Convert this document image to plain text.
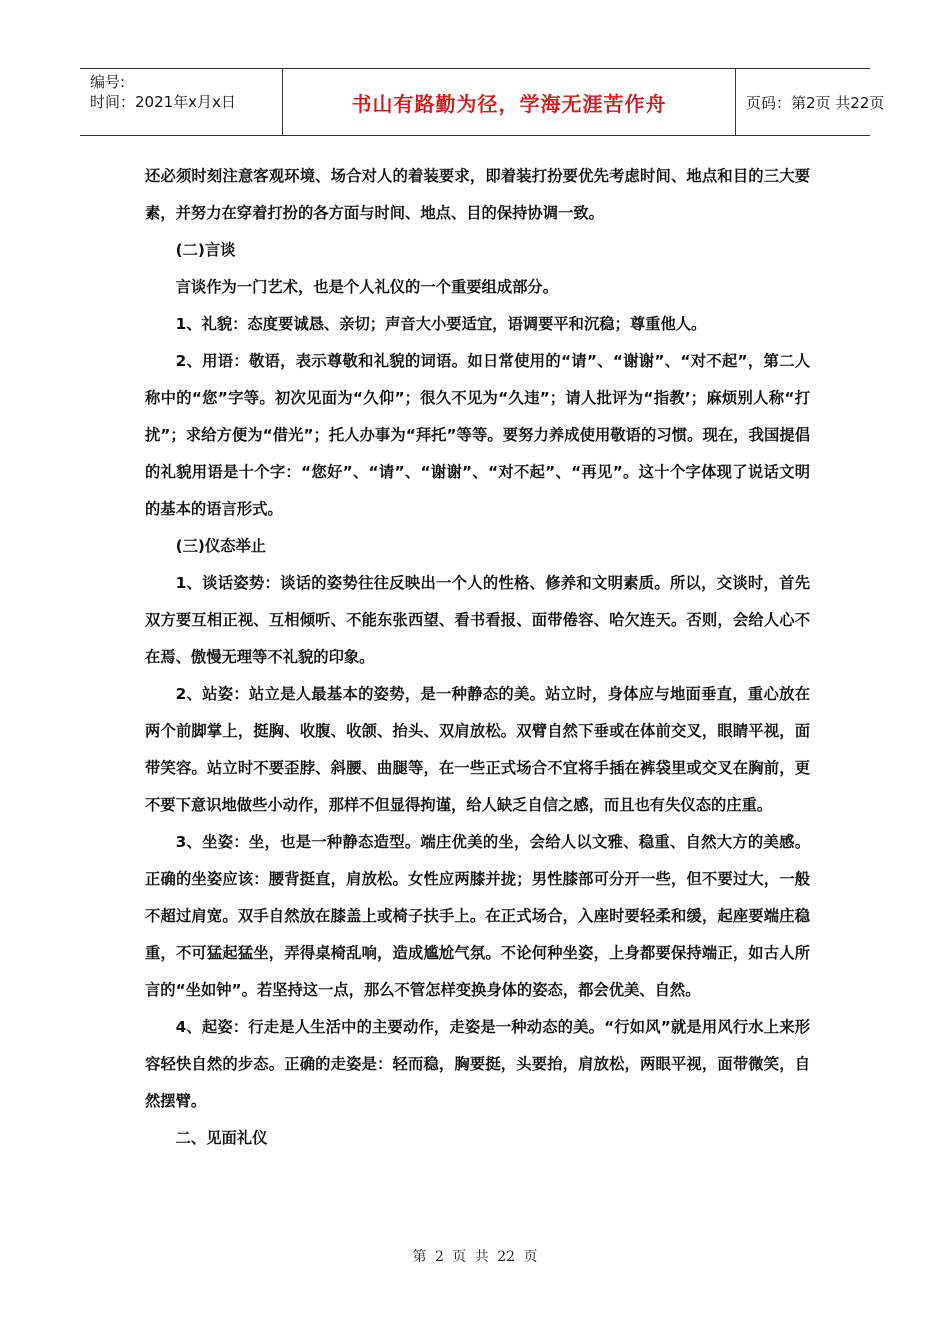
编号:
时间：2021年x月x日	书山有路勤为径，学海无涯苦作舟	页码：第2页 共22页

还必须时刻注意客观环境、场合对人的着装要求，即着装打扮要优先考虑时间、地点和目的三大要素，并努力在穿着打扮的各方面与时间、地点、目的保持协调一致。

(二)言谈

言谈作为一门艺术，也是个人礼仪的一个重要组成部分。

1、礼貌：态度要诚恳、亲切；声音大小要适宜，语调要平和沉稳；尊重他人。

2、用语：敬语，表示尊敬和礼貌的词语。如日常使用的“请”、“谢谢”、“对不起”，第二人称中的“您”字等。初次见面为“久仰”；很久不见为“久违”；请人批评为“指教’；麻烦别人称“打扰”；求给方便为“借光”；托人办事为“拜托”等等。要努力养成使用敬语的习惯。现在，我国提倡的礼貌用语是十个字：“您好”、“请”、“谢谢”、“对不起”、“再见”。这十个字体现了说话文明的基本的语言形式。

(三)仪态举止

1、谈话姿势：谈话的姿势往往反映出一个人的性格、修养和文明素质。所以，交谈时，首先双方要互相正视、互相倾听、不能东张西望、看书看报、面带倦容、哈欠连天。否则，会给人心不在焉、傲慢无理等不礼貌的印象。

2、站姿：站立是人最基本的姿势，是一种静态的美。站立时，身体应与地面垂直，重心放在两个前脚掌上，挺胸、收腹、收颌、抬头、双肩放松。双臂自然下垂或在体前交叉，眼睛平视，面带笑容。站立时不要歪脖、斜腰、曲腿等，在一些正式场合不宜将手插在裤袋里或交叉在胸前，更不要下意识地做些小动作，那样不但显得拘谨，给人缺乏自信之感，而且也有失仪态的庄重。

3、坐姿：坐，也是一种静态造型。端庄优美的坐，会给人以文雅、稳重、自然大方的美感。正确的坐姿应该：腰背挺直，肩放松。女性应两膝并拢；男性膝部可分开一些，但不要过大，一般不超过肩宽。双手自然放在膝盖上或椅子扶手上。在正式场合，入座时要轻柔和缓，起座要端庄稳重，不可猛起猛坐，弄得桌椅乱响，造成尴尬气氛。不论何种坐姿，上身都要保持端正，如古人所言的“坐如钟”。若坚持这一点，那么不管怎样变换身体的姿态，都会优美、自然。

4、起姿：行走是人生活中的主要动作，走姿是一种动态的美。“行如风”就是用风行水上来形容轻快自然的步态。正确的走姿是：轻而稳，胸要挺，头要抬，肩放松，两眼平视，面带微笑，自然摆臂。

二、见面礼仪

第 2 页 共 22 页
